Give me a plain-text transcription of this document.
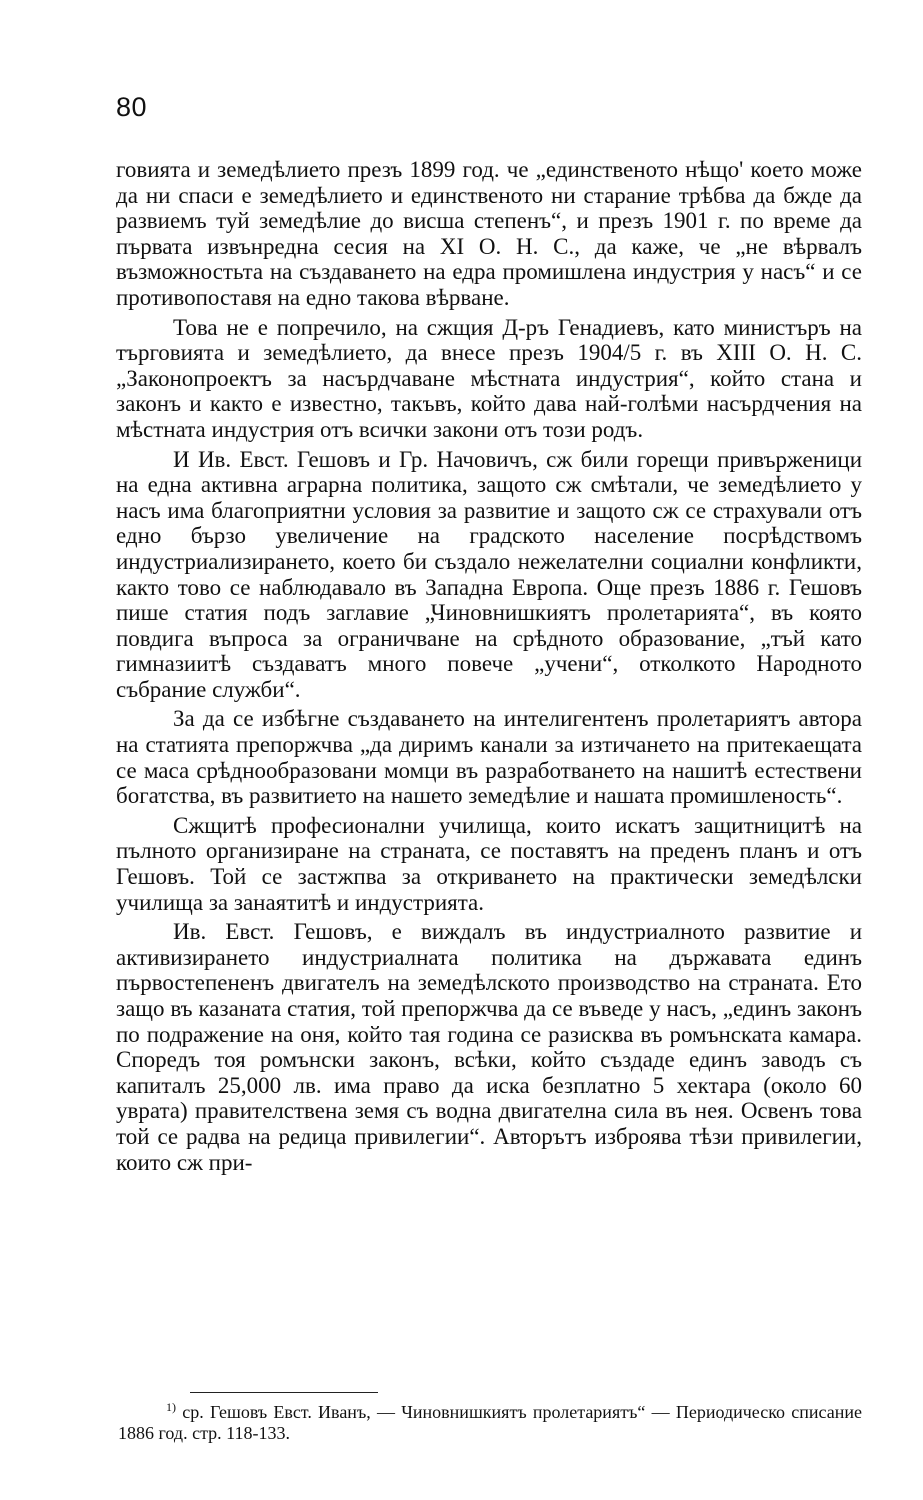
80

говията и земедѣлието презъ 1899 год. че „единственото нѣщо' което може да ни спаси е земедѣлието и единственото ни старание трѣбва да бжде да развиемъ туй земедѣлие до висша степенъ“, и презъ 1901 г. по време да първата извънредна сесия на XI О. Н. С., да каже, че „не вѣрвалъ възможностьта на създаването на едра промишлена индустрия у насъ“ и се противопоставя на едно такова вѣрване.

Това не е попречило, на сжщия Д-ръ Генадиевъ, като министъръ на търговията и земедѣлието, да внесе презъ 1904/5 г. въ XIII О. Н. С. „Законопроектъ за насърдчаване мѣстната индустрия“, който стана и законъ и както е известно, такъвъ, който дава най-голѣми насърдчения на мѣстната индустрия отъ всички закони отъ този родъ.

И Ив. Евст. Гешовъ и Гр. Начовичъ, сж били горещи привърженици на една активна аграрна политика, защото сж смѣтали, че земедѣлието у насъ има благоприятни условия за развитие и защото сж се страхували отъ едно бързо увеличение на градското население посрѣдствомъ индустриализирането, което би създало нежелателни социални конфликти, както тово се наблюдавало въ Западна Европа. Още презъ 1886 г. Гешовъ пише статия подъ заглавие „Чиновнишкиятъ пролетарията“, въ която повдига въпроса за ограничване на срѣдното образование, „тъй като гимназиитѣ създаватъ много повече „учени“, отколкото Народното събрание служби“.

За да се избѣгне създаването на интелигентенъ пролетариятъ автора на статията препоржчва „да диримъ канали за изтичането на притекаещата се маса срѣднообразовани момци въ разработването на нашитѣ естествени богатства, въ развитието на нашето земедѣлие и нашата промишленость“.

Сжщитѣ професионални училища, които искатъ защитницитѣ на пълното организиране на страната, се поставятъ на преденъ планъ и отъ Гешовъ. Той се застжпва за откриването на практически земедѣлски училища за занаятитѣ и индустрията.

Ив. Евст. Гешовъ, е виждалъ въ индустриалното развитие и активизирането индустриалната политика на държавата единъ първостепененъ двигателъ на земедѣлското производство на страната. Ето защо въ казаната статия, той препоржчва да се въведе у насъ, „единъ законъ по подражение на оня, който тая година се разисква въ ромънската камара. Споредъ тоя ромънски законъ, всѣки, който създаде единъ заводъ съ капиталъ 25,000 лв. има право да иска безплатно 5 хектара (около 60 уврата) правителствена земя съ водна двигателна сила въ нея. Освенъ това той се радва на редица привилегии“. Авторътъ изброява тѣзи привилегии, които сж при-

$^{1)}$ ср. Гешовъ Евст. Иванъ, — Чиновнишкиятъ пролетариятъ“ — Периодическо списание 1886 год. стр. 118-133.
